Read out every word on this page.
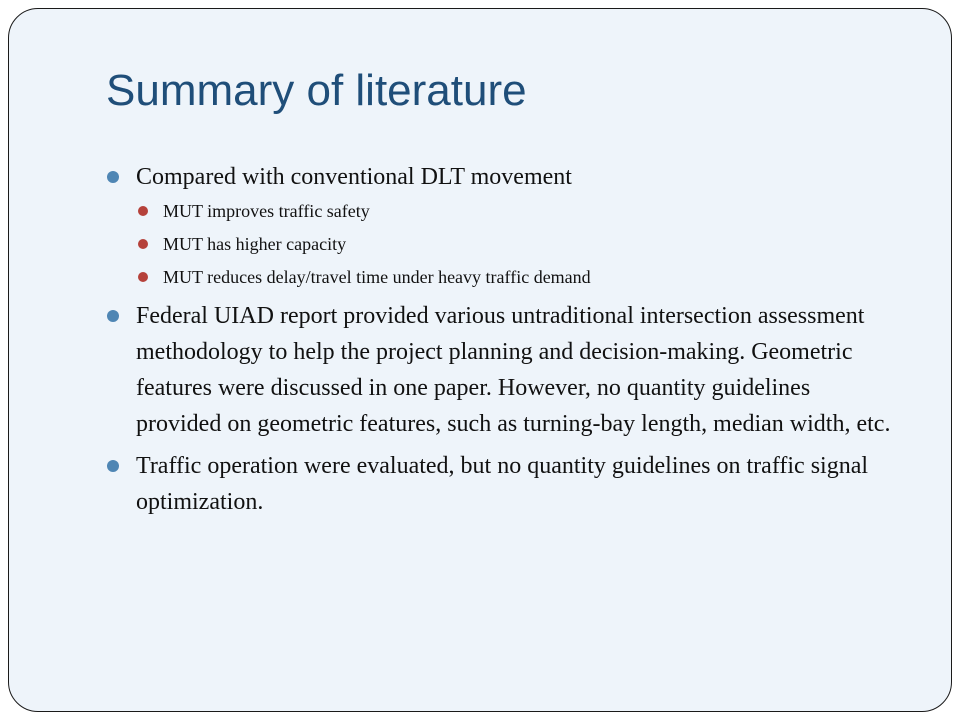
Summary of literature
Compared with conventional DLT movement
MUT improves traffic safety
MUT has higher capacity
MUT reduces delay/travel time under heavy traffic demand
Federal UIAD report provided various untraditional intersection assessment methodology to help the project planning and decision-making. Geometric features were discussed in one paper. However, no quantity guidelines provided on geometric features, such as turning-bay length, median width, etc.
Traffic operation were evaluated, but no quantity guidelines on traffic signal optimization.
